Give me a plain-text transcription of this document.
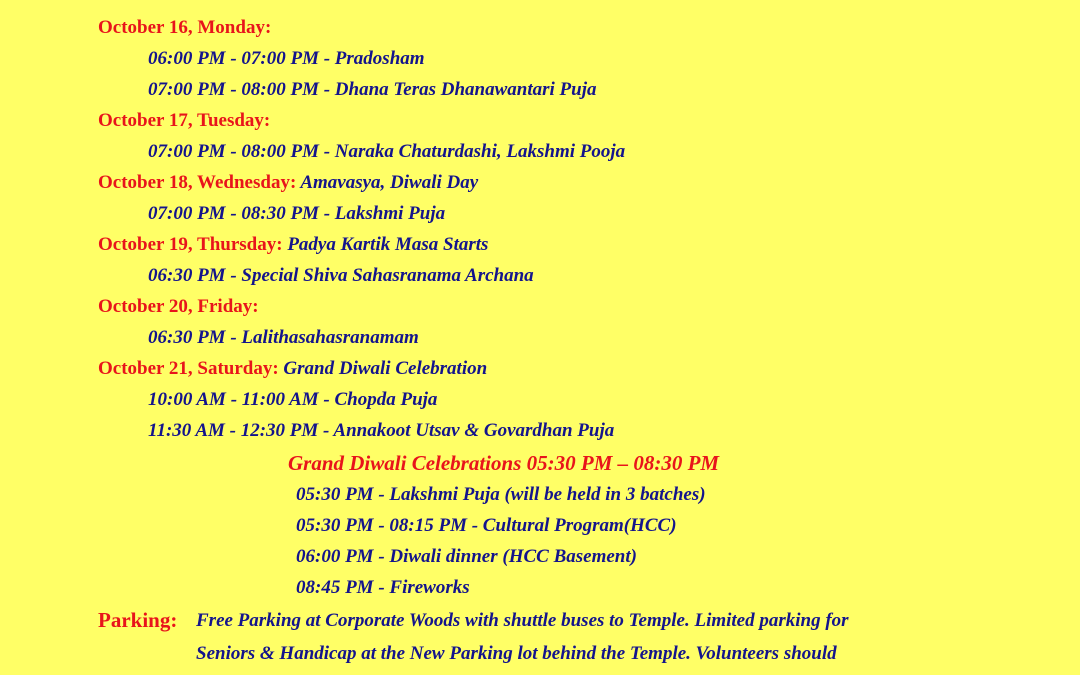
October 16, Monday:
06:00 PM - 07:00 PM - Pradosham
07:00 PM - 08:00 PM - Dhana Teras Dhanawantari Puja
October 17, Tuesday:
07:00 PM - 08:00 PM - Naraka Chaturdashi, Lakshmi Pooja
October 18, Wednesday: Amavasya, Diwali Day
07:00 PM - 08:30 PM - Lakshmi Puja
October 19, Thursday: Padya Kartik Masa Starts
06:30 PM - Special Shiva Sahasranama Archana
October 20, Friday:
06:30 PM - Lalithasahasranamam
October 21, Saturday: Grand Diwali Celebration
10:00 AM - 11:00 AM - Chopda Puja
11:30 AM - 12:30 PM - Annakoot Utsav & Govardhan Puja
Grand Diwali Celebrations 05:30 PM – 08:30 PM
05:30 PM - Lakshmi Puja (will be held in 3 batches)
05:30 PM - 08:15 PM - Cultural Program(HCC)
06:00 PM - Diwali dinner (HCC Basement)
08:45 PM - Fireworks
Parking: Free Parking at Corporate Woods with shuttle buses to Temple. Limited parking for
Seniors & Handicap at the New Parking lot behind the Temple. Volunteers should
